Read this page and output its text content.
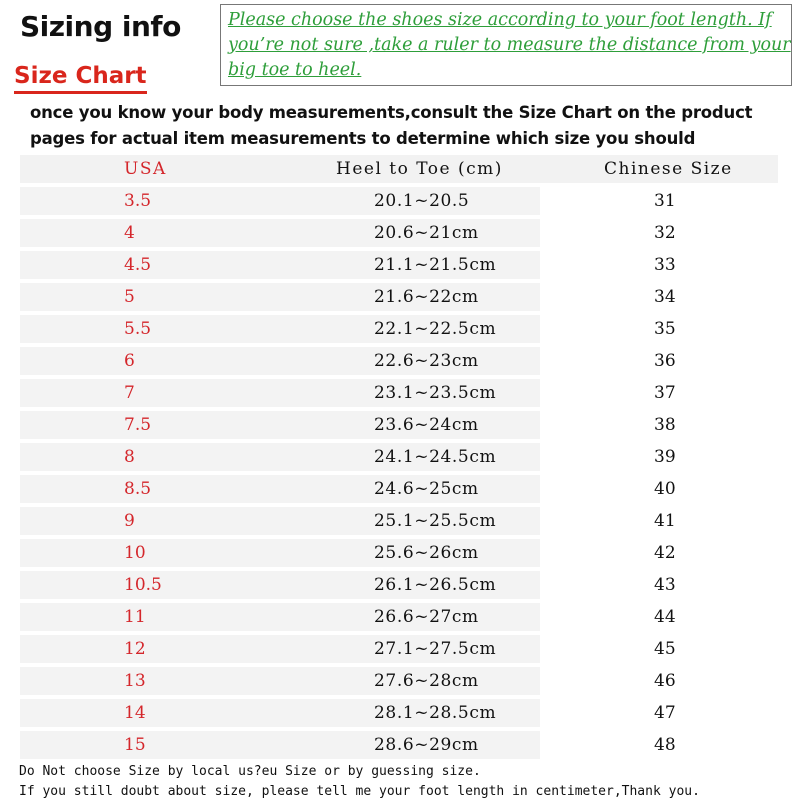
Sizing info
Size Chart
Please choose the shoes size according to your foot length. If you’re not sure ,take a ruler to measure the distance from your big toe to heel.
once you know your body measurements,consult the Size Chart on the product pages for actual item measurements to determine which size you should
USA	Heel to Toe (cm)	Chinese Size
3.5	20.1~20.5	31
4	20.6~21cm	32
4.5	21.1~21.5cm	33
5	21.6~22cm	34
5.5	22.1~22.5cm	35
6	22.6~23cm	36
7	23.1~23.5cm	37
7.5	23.6~24cm	38
8	24.1~24.5cm	39
8.5	24.6~25cm	40
9	25.1~25.5cm	41
10	25.6~26cm	42
10.5	26.1~26.5cm	43
11	26.6~27cm	44
12	27.1~27.5cm	45
13	27.6~28cm	46
14	28.1~28.5cm	47
15	28.6~29cm	48
Do Not choose Size by local us?eu Size or by guessing size.
If you still doubt about size, please tell me your foot length in centimeter,Thank you.
